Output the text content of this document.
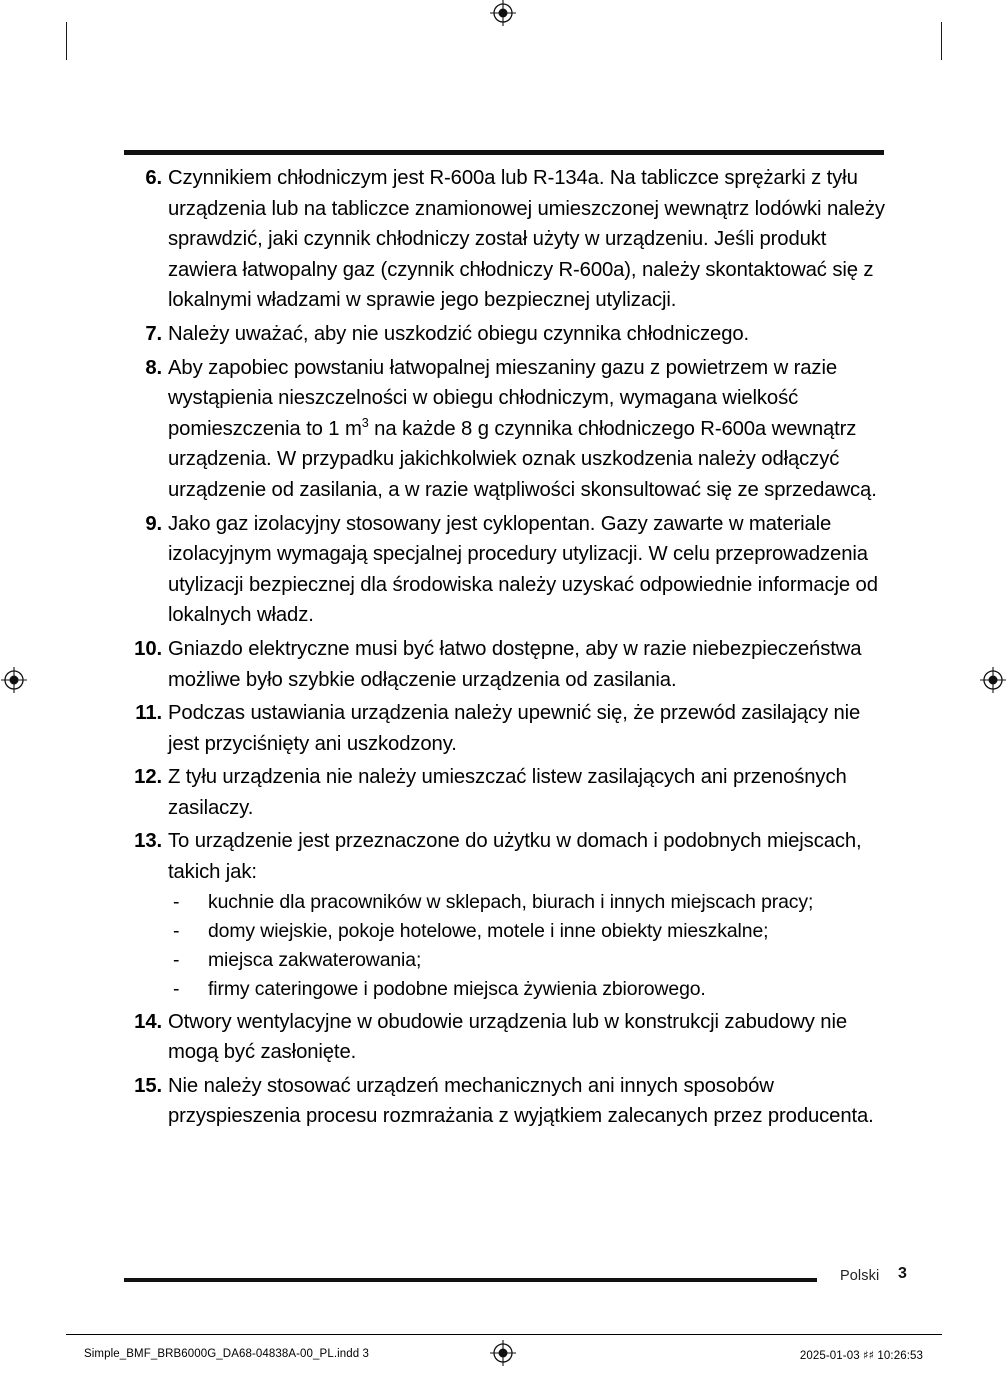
6. Czynnikiem chłodniczym jest R-600a lub R-134a. Na tabliczce sprężarki z tyłu urządzenia lub na tabliczce znamionowej umieszczonej wewnątrz lodówki należy sprawdzić, jaki czynnik chłodniczy został użyty w urządzeniu. Jeśli produkt zawiera łatwopalny gaz (czynnik chłodniczy R-600a), należy skontaktować się z lokalnymi władzami w sprawie jego bezpiecznej utylizacji.
7. Należy uważać, aby nie uszkodzić obiegu czynnika chłodniczego.
8. Aby zapobiec powstaniu łatwopalnej mieszaniny gazu z powietrzem w razie wystąpienia nieszczelności w obiegu chłodniczym, wymagana wielkość pomieszczenia to 1 $m^3$ na każde 8 g czynnika chłodniczego R-600a wewnątrz urządzenia. W przypadku jakichkolwiek oznak uszkodzenia należy odłączyć urządzenie od zasilania, a w razie wątpliwości skonsultować się ze sprzedawcą.
9. Jako gaz izolacyjny stosowany jest cyklopentan. Gazy zawarte w materiale izolacyjnym wymagają specjalnej procedury utylizacji. W celu przeprowadzenia utylizacji bezpiecznej dla środowiska należy uzyskać odpowiednie informacje od lokalnych władz.
10. Gniazdo elektryczne musi być łatwo dostępne, aby w razie niebezpieczeństwa możliwe było szybkie odłączenie urządzenia od zasilania.
11. Podczas ustawiania urządzenia należy upewnić się, że przewód zasilający nie jest przyciśnięty ani uszkodzony.
12. Z tyłu urządzenia nie należy umieszczać listew zasilających ani przenośnych zasilaczy.
13. To urządzenie jest przeznaczone do użytku w domach i podobnych miejscach, takich jak:
-	kuchnie dla pracowników w sklepach, biurach i innych miejscach pracy;
-	domy wiejskie, pokoje hotelowe, motele i inne obiekty mieszkalne;
-	miejsca zakwaterowania;
-	firmy cateringowe i podobne miejsca żywienia zbiorowego.
14. Otwory wentylacyjne w obudowie urządzenia lub w konstrukcji zabudowy nie mogą być zasłonięte.
15. Nie należy stosować urządzeń mechanicznych ani innych sposobów przyspieszenia procesu rozmrażania z wyjątkiem zalecanych przez producenta.
Polski 3
Simple_BMF_BRB6000G_DA68-04838A-00_PL.indd 3	2025-01-03 ♯♯ 10:26:53
